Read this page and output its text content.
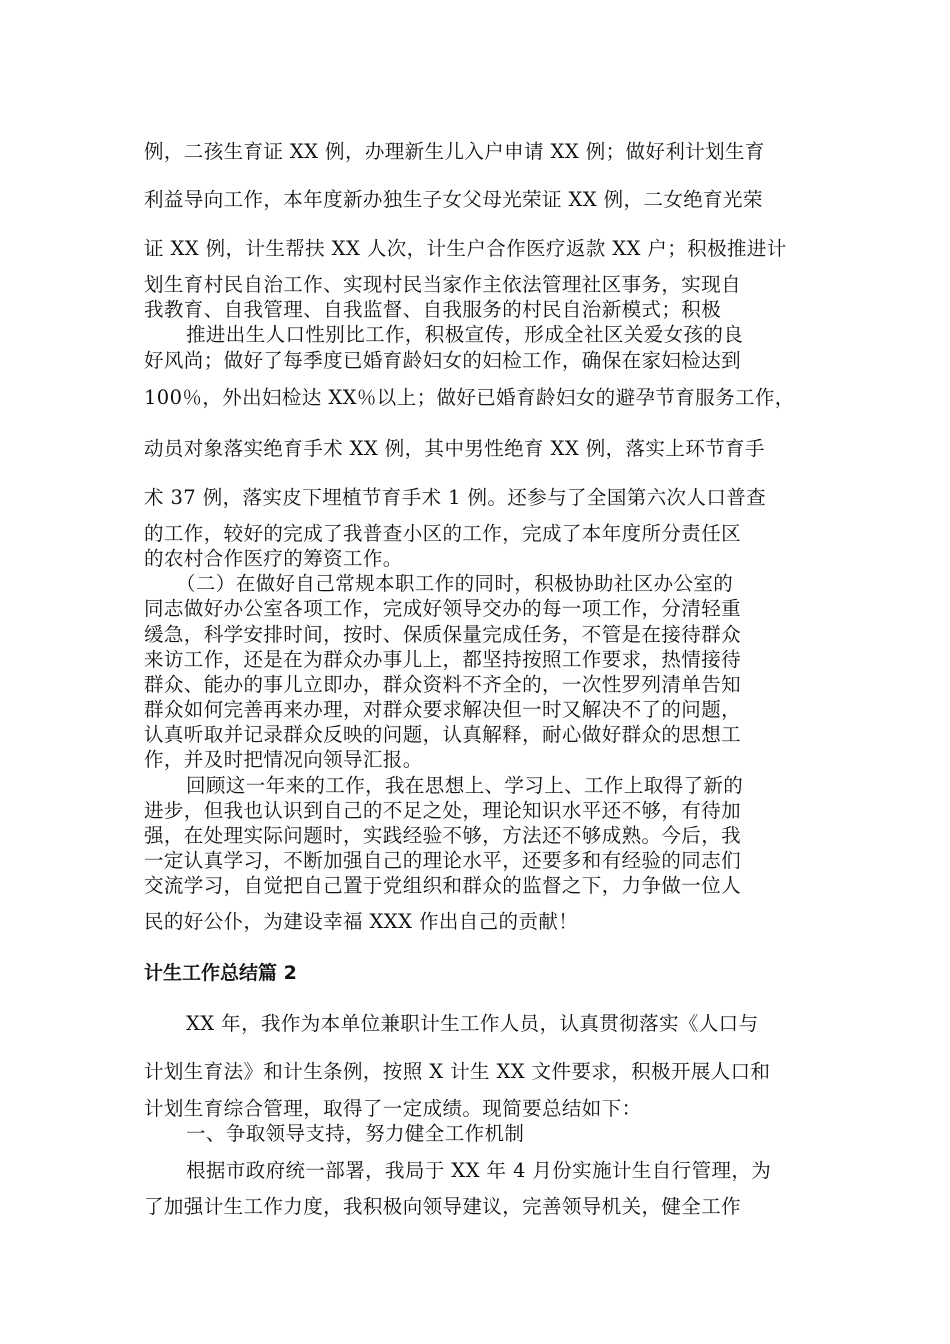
例，二孩生育证 XX 例，办理新生儿入户申请 XX 例；做好利计划生育
利益导向工作，本年度新办独生子女父母光荣证 XX 例，二女绝育光荣
证 XX 例，计生帮扶 XX 人次，计生户合作医疗返款 XX 户；积极推进计
划生育村民自治工作、实现村民当家作主依法管理社区事务，实现自
我教育、自我管理、自我监督、自我服务的村民自治新模式；积极
推进出生人口性别比工作，积极宣传，形成全社区关爱女孩的良
好风尚；做好了每季度已婚育龄妇女的妇检工作，确保在家妇检达到
100％，外出妇检达 XX％以上；做好已婚育龄妇女的避孕节育服务工作，
动员对象落实绝育手术 XX 例，其中男性绝育 XX 例，落实上环节育手
术 37 例，落实皮下埋植节育手术 1 例。还参与了全国第六次人口普查
的工作，较好的完成了我普查小区的工作，完成了本年度所分责任区
的农村合作医疗的筹资工作。
（二）在做好自己常规本职工作的同时，积极协助社区办公室的
同志做好办公室各项工作，完成好领导交办的每一项工作，分清轻重
缓急，科学安排时间，按时、保质保量完成任务，不管是在接待群众
来访工作，还是在为群众办事儿上，都坚持按照工作要求，热情接待
群众、能办的事儿立即办，群众资料不齐全的，一次性罗列清单告知
群众如何完善再来办理，对群众要求解决但一时又解决不了的问题，
认真听取并记录群众反映的问题，认真解释，耐心做好群众的思想工
作，并及时把情况向领导汇报。
回顾这一年来的工作，我在思想上、学习上、工作上取得了新的
进步，但我也认识到自己的不足之处，理论知识水平还不够，有待加
强，在处理实际问题时，实践经验不够，方法还不够成熟。今后，我
一定认真学习，不断加强自己的理论水平，还要多和有经验的同志们
交流学习，自觉把自己置于党组织和群众的监督之下，力争做一位人
民的好公仆，为建设幸福 XXX 作出自己的贡献！
计生工作总结篇 2
XX 年，我作为本单位兼职计生工作人员，认真贯彻落实《人口与
计划生育法》和计生条例，按照 X 计生 XX 文件要求，积极开展人口和
计划生育综合管理，取得了一定成绩。现简要总结如下：
一、争取领导支持，努力健全工作机制
根据市政府统一部署，我局于 XX 年 4 月份实施计生自行管理，为
了加强计生工作力度，我积极向领导建议，完善领导机关，健全工作
